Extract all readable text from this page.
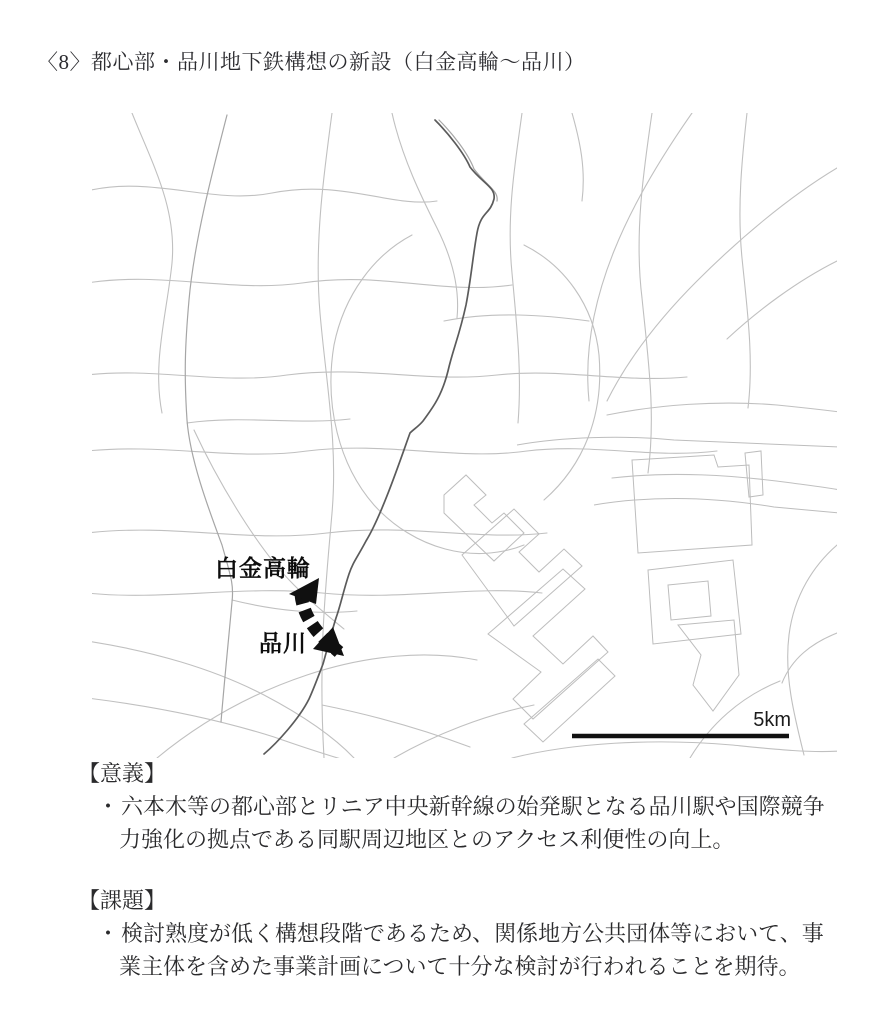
〈8〉都心部・品川地下鉄構想の新設（白金高輪～品川）
白金高輪
品川
5km
【意義】
・六本木等の都心部とリニア中央新幹線の始発駅となる品川駅や国際競争
力強化の拠点である同駅周辺地区とのアクセス利便性の向上。
【課題】
・検討熟度が低く構想段階であるため、関係地方公共団体等において、事
業主体を含めた事業計画について十分な検討が行われることを期待。
